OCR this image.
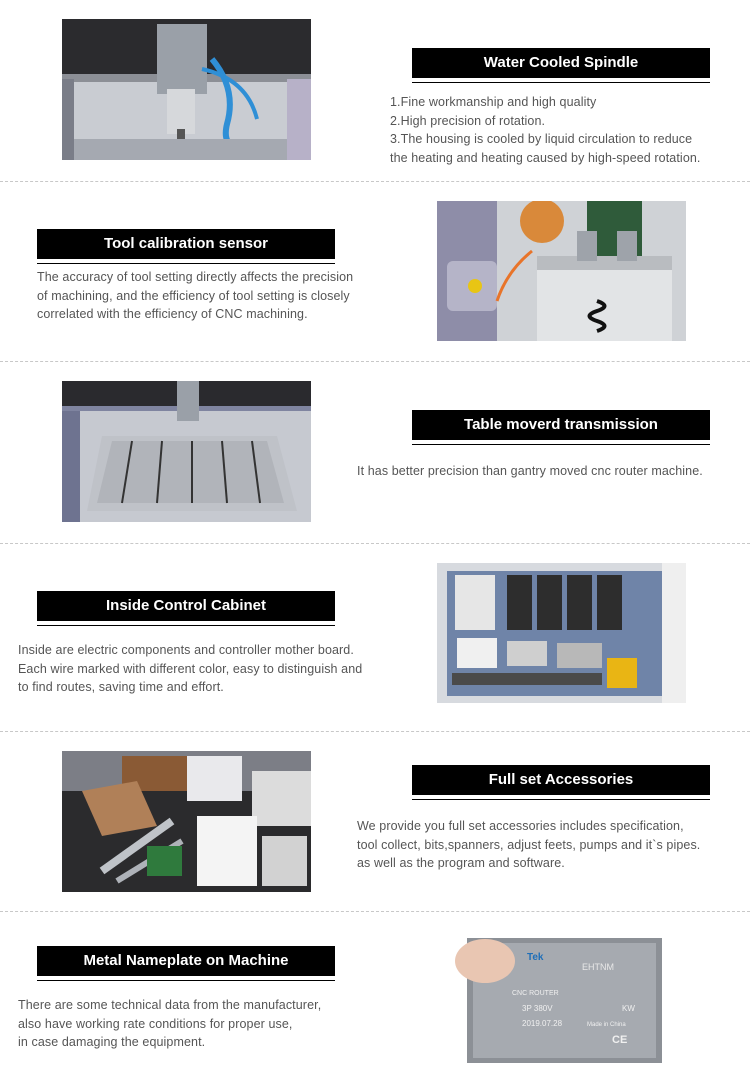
Water Cooled Spindle

1.Fine workmanship and high quality

2.High precision of rotation.

3.The housing is cooled by liquid circulation to reduce

the heating and heating caused by high-speed rotation.

Tool calibration sensor

The accuracy of tool setting directly affects the precision

of machining, and the efficiency of tool setting is closely

correlated with the efficiency of CNC machining.

Table moverd transmission

It has better precision than gantry moved cnc router machine.

Inside Control Cabinet

Inside are electric components and controller mother board.

Each wire marked with different color, easy to distinguish and

to find routes, saving time and effort.

Full set Accessories

We provide you full set accessories includes specification,

tool collect, bits,spanners, adjust feets, pumps and it`s pipes.

as well as the program and software.

Metal Nameplate on Machine

There are some technical data from the manufacturer,

also have working rate conditions for proper use,

in case damaging the equipment.

Tek
EHTNM
CNC ROUTER
3P 380V	KW
2019.07.28	Made in China
CE
